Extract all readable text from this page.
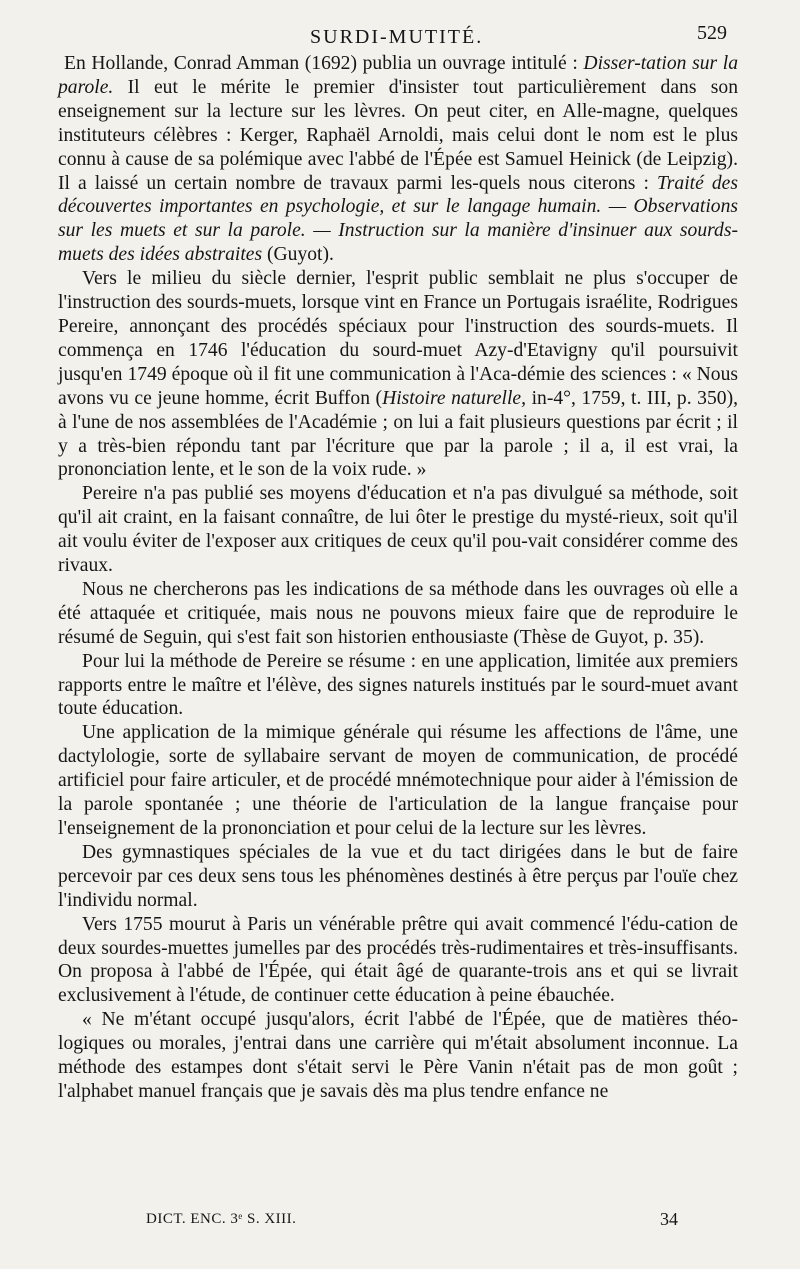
SURDI-MUTITÉ.	529

En Hollande, Conrad Amman (1692) publia un ouvrage intitulé : Disser-tation sur la parole. Il eut le mérite le premier d'insister tout particulièrement dans son enseignement sur la lecture sur les lèvres. On peut citer, en Alle-magne, quelques instituteurs célèbres : Kerger, Raphaël Arnoldi, mais celui dont le nom est le plus connu à cause de sa polémique avec l'abbé de l'Épée est Samuel Heinick (de Leipzig). Il a laissé un certain nombre de travaux parmi les-quels nous citerons : Traité des découvertes importantes en psychologie, et sur le langage humain. — Observations sur les muets et sur la parole. — Instruction sur la manière d'insinuer aux sourds-muets des idées abstraites (Guyot).

Vers le milieu du siècle dernier, l'esprit public semblait ne plus s'occuper de l'instruction des sourds-muets, lorsque vint en France un Portugais israélite, Rodrigues Pereire, annonçant des procédés spéciaux pour l'instruction des sourds-muets. Il commença en 1746 l'éducation du sourd-muet Azy-d'Etavigny qu'il poursuivit jusqu'en 1749 époque où il fit une communication à l'Aca-démie des sciences : « Nous avons vu ce jeune homme, écrit Buffon (Histoire naturelle, in-4°, 1759, t. III, p. 350), à l'une de nos assemblées de l'Académie ; on lui a fait plusieurs questions par écrit ; il y a très-bien répondu tant par l'écriture que par la parole ; il a, il est vrai, la prononciation lente, et le son de la voix rude. »

Pereire n'a pas publié ses moyens d'éducation et n'a pas divulgué sa méthode, soit qu'il ait craint, en la faisant connaître, de lui ôter le prestige du mysté-rieux, soit qu'il ait voulu éviter de l'exposer aux critiques de ceux qu'il pou-vait considérer comme des rivaux.

Nous ne chercherons pas les indications de sa méthode dans les ouvrages où elle a été attaquée et critiquée, mais nous ne pouvons mieux faire que de reproduire le résumé de Seguin, qui s'est fait son historien enthousiaste (Thèse de Guyot, p. 35).

Pour lui la méthode de Pereire se résume : en une application, limitée aux premiers rapports entre le maître et l'élève, des signes naturels institués par le sourd-muet avant toute éducation.

Une application de la mimique générale qui résume les affections de l'âme, une dactylologie, sorte de syllabaire servant de moyen de communication, de procédé artificiel pour faire articuler, et de procédé mnémotechnique pour aider à l'émission de la parole spontanée ; une théorie de l'articulation de la langue française pour l'enseignement de la prononciation et pour celui de la lecture sur les lèvres.

Des gymnastiques spéciales de la vue et du tact dirigées dans le but de faire percevoir par ces deux sens tous les phénomènes destinés à être perçus par l'ouïe chez l'individu normal.

Vers 1755 mourut à Paris un vénérable prêtre qui avait commencé l'édu-cation de deux sourdes-muettes jumelles par des procédés très-rudimentaires et très-insuffisants. On proposa à l'abbé de l'Épée, qui était âgé de quarante-trois ans et qui se livrait exclusivement à l'étude, de continuer cette éducation à peine ébauchée.

« Ne m'étant occupé jusqu'alors, écrit l'abbé de l'Épée, que de matières théo-logiques ou morales, j'entrai dans une carrière qui m'était absolument inconnue. La méthode des estampes dont s'était servi le Père Vanin n'était pas de mon goût ; l'alphabet manuel français que je savais dès ma plus tendre enfance ne

DICT. ENC. 3ᵉ S. XIII.	34
